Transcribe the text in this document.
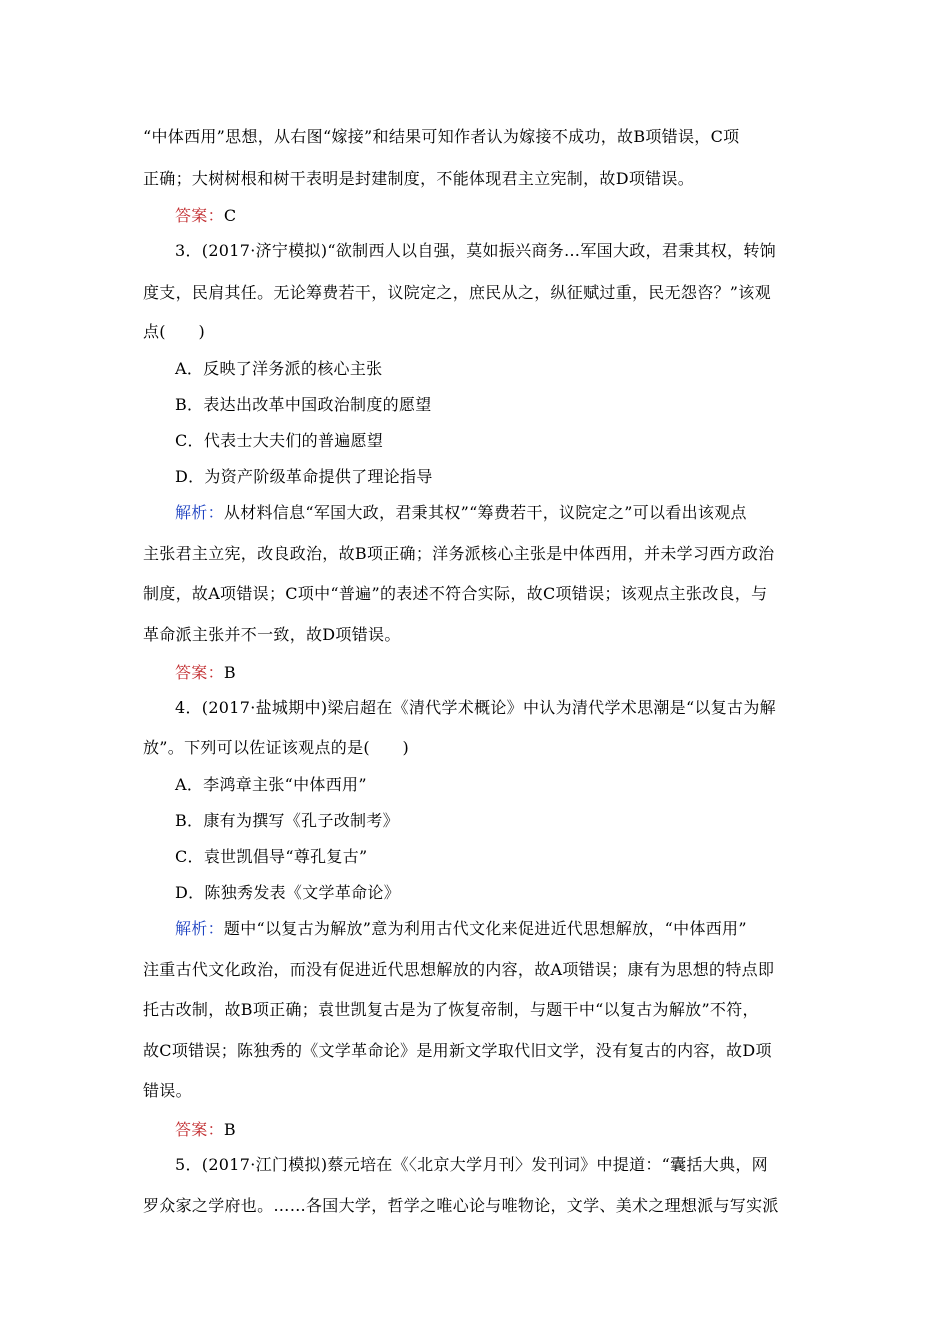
“中体西用”思想，从右图“嫁接”和结果可知作者认为嫁接不成功，故B项错误，C项
正确；大树树根和树干表明是封建制度，不能体现君主立宪制，故D项错误。
答案：C
3．(2017·济宁模拟)“欲制西人以自强，莫如振兴商务…军国大政，君秉其权，转饷
度支，民肩其任。无论筹费若干，议院定之，庶民从之，纵征赋过重，民无怨咨？”该观
点(　　)
A．反映了洋务派的核心主张
B．表达出改革中国政治制度的愿望
C．代表士大夫们的普遍愿望
D．为资产阶级革命提供了理论指导
解析：从材料信息“军国大政，君秉其权”“筹费若干，议院定之”可以看出该观点
主张君主立宪，改良政治，故B项正确；洋务派核心主张是中体西用，并未学习西方政治
制度，故A项错误；C项中“普遍”的表述不符合实际，故C项错误；该观点主张改良，与
革命派主张并不一致，故D项错误。
答案：B
4．(2017·盐城期中)梁启超在《清代学术概论》中认为清代学术思潮是“以复古为解
放”。下列可以佐证该观点的是(　　)
A．李鸿章主张“中体西用”
B．康有为撰写《孔子改制考》
C．袁世凯倡导“尊孔复古”
D．陈独秀发表《文学革命论》
解析：题中“以复古为解放”意为利用古代文化来促进近代思想解放，“中体西用”
注重古代文化政治，而没有促进近代思想解放的内容，故A项错误；康有为思想的特点即
托古改制，故B项正确；袁世凯复古是为了恢复帝制，与题干中“以复古为解放”不符，
故C项错误；陈独秀的《文学革命论》是用新文学取代旧文学，没有复古的内容，故D项
错误。
答案：B
5．(2017·江门模拟)蔡元培在《〈北京大学月刊〉发刊词》中提道：“囊括大典，网
罗众家之学府也。……各国大学，哲学之唯心论与唯物论，文学、美术之理想派与写实派
